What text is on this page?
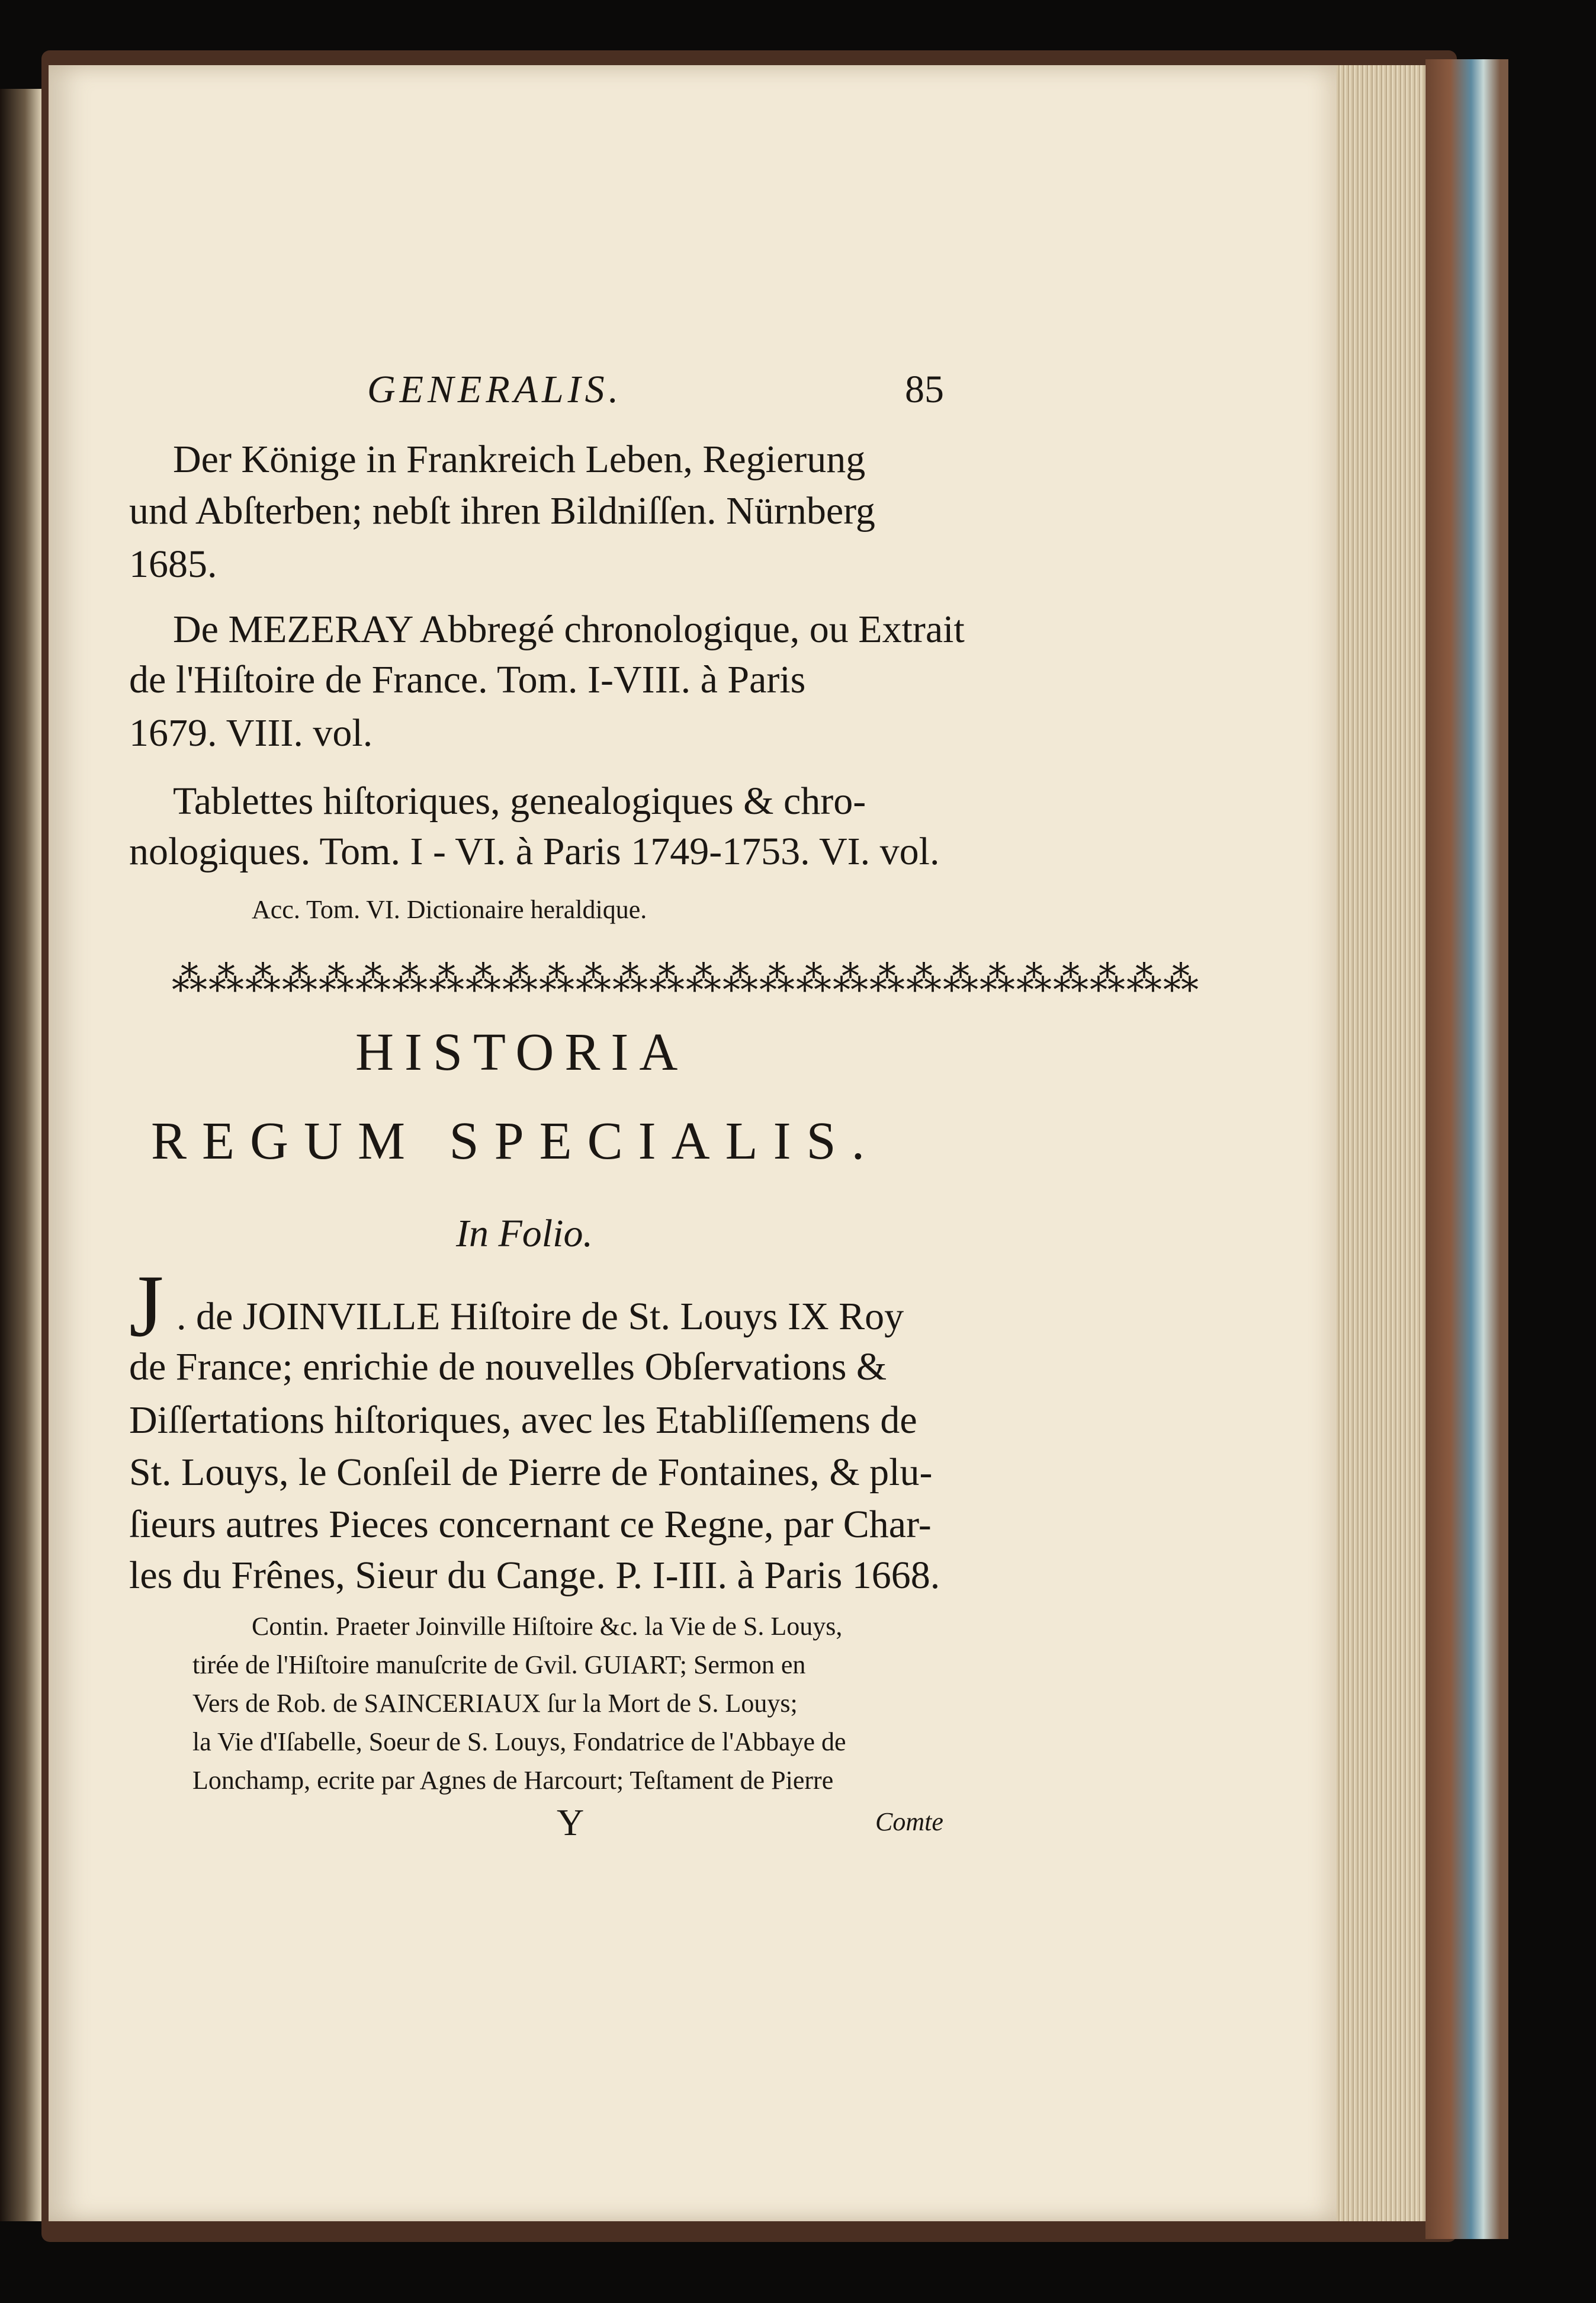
GENERALIS.	85
Der Könige in Frankreich Leben, Regierung
und Abſterben; nebſt ihren Bildniſſen. Nürnberg
1685.
De MEZERAY Abbregé chronologique, ou Extrait
de l'Hiſtoire de France. Tom. I-VIII. à Paris
1679. VIII. vol.
Tablettes hiſtoriques, genealogiques & chro-
nologiques. Tom. I - VI. à Paris 1749-1753. VI. vol.
Acc. Tom. VI. Dictionaire heraldique.
⁂⁂⁂⁂⁂⁂⁂⁂⁂⁂⁂⁂⁂⁂⁂⁂⁂⁂⁂⁂⁂⁂⁂⁂⁂⁂⁂⁂
HISTORIA
REGUM SPECIALIS.
In Folio.
J . de JOINVILLE Hiſtoire de St. Louys IX Roy
de France; enrichie de nouvelles Obſervations &
Diſſertations hiſtoriques, avec les Etabliſſemens de
St. Louys, le Conſeil de Pierre de Fontaines, & plu-
ſieurs autres Pieces concernant ce Regne, par Char-
les du Frênes, Sieur du Cange. P. I-III. à Paris 1668.
Contin. Praeter Joinville Hiſtoire &c. la Vie de S. Louys,
tirée de l'Hiſtoire manuſcrite de Gvil. GUIART; Sermon en
Vers de Rob. de SAINCERIAUX ſur la Mort de S. Louys;
la Vie d'Iſabelle, Soeur de S. Louys, Fondatrice de l'Abbaye de
Lonchamp, ecrite par Agnes de Harcourt; Teſtament de Pierre
Y	Comte
